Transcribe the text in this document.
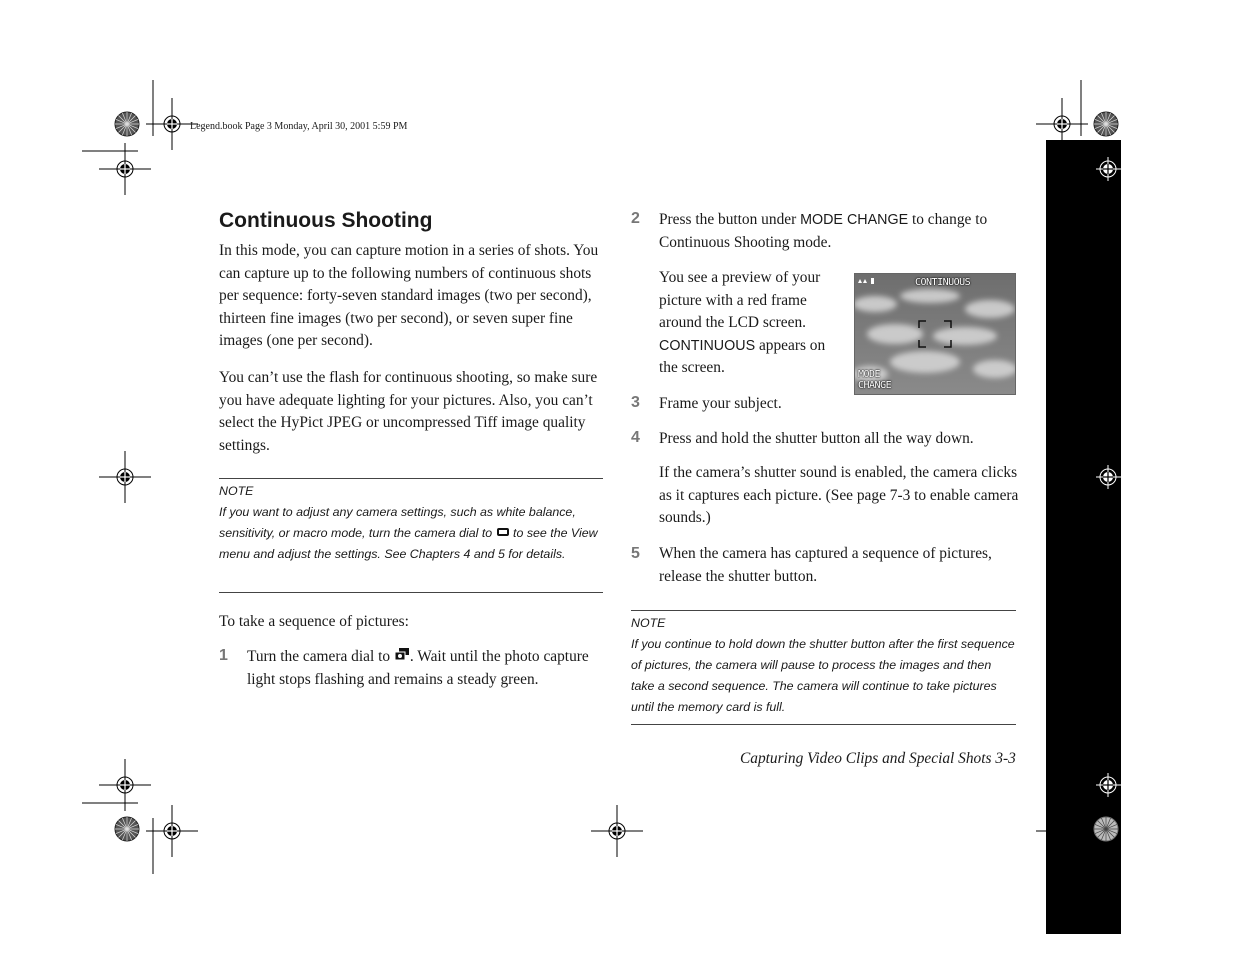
Legend.book Page 3 Monday, April 30, 2001 5:59 PM
Continuous Shooting

In this mode, you can capture motion in a series of shots. You can capture up to the following numbers of continuous shots per sequence: forty-seven standard images (two per second), thirteen fine images (two per second), or seven super fine images (one per second).

You can’t use the flash for continuous shooting, so make sure you have adequate lighting for your pictures. Also, you can’t select the HyPict JPEG or uncompressed Tiff image quality settings.

NOTE
If you want to adjust any camera settings, such as white balance, sensitivity, or macro mode, turn the camera dial to  to see the View menu and adjust the settings. See Chapters 4 and 5 for details.

To take a sequence of pictures:

1 Turn the camera dial to . Wait until the photo capture light stops flashing and remains a steady green.

2 Press the button under MODE CHANGE to change to Continuous Shooting mode.

You see a preview of your picture with a red frame around the LCD screen. CONTINUOUS appears on the screen.

CONTINUOUS
MODE
CHANGE
3 Frame your subject.

4 Press and hold the shutter button all the way down.

If the camera’s shutter sound is enabled, the camera clicks as it captures each picture. (See page 7-3 to enable camera sounds.)

5 When the camera has captured a sequence of pictures, release the shutter button.

NOTE
If you continue to hold down the shutter button after the first sequence of pictures, the camera will pause to process the images and then take a second sequence. The camera will continue to take pictures until the memory card is full.
Capturing Video Clips and Special Shots 3-3
